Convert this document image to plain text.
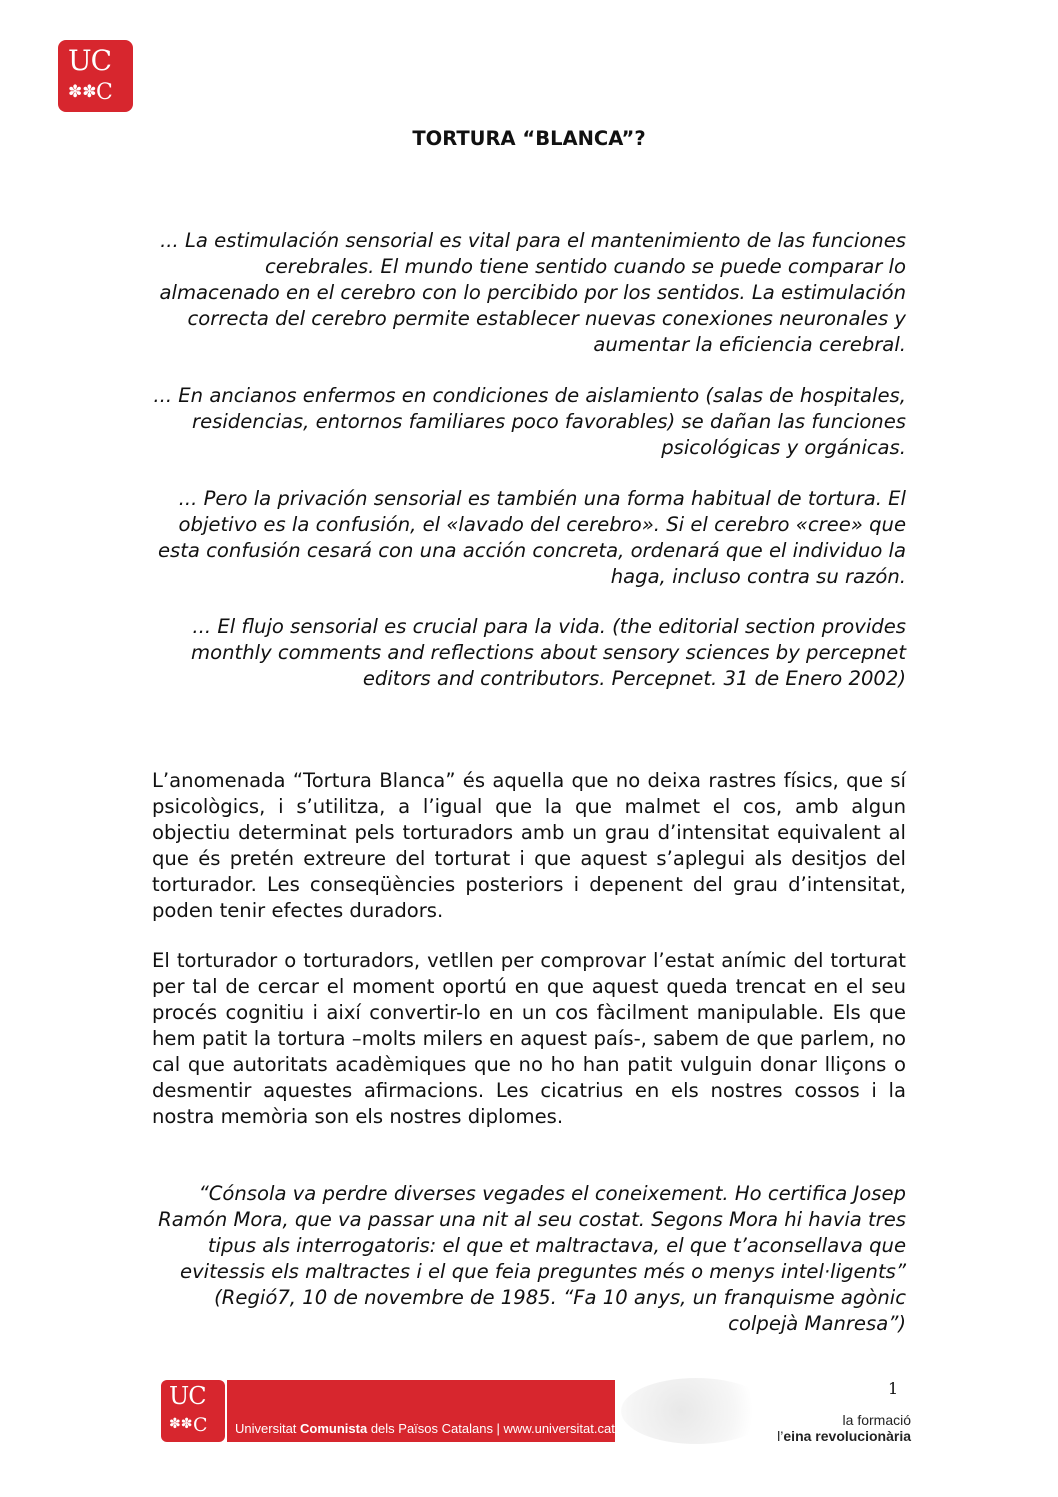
UC
✽✽ C
TORTURA “BLANCA”?

... La estimulación sensorial es vital para el mantenimiento de las funciones cerebrales. El mundo tiene sentido cuando se puede comparar lo almacenado en el cerebro con lo percibido por los sentidos. La estimulación correcta del cerebro permite establecer nuevas conexiones neuronales y aumentar la eficiencia cerebral.

... En ancianos enfermos en condiciones de aislamiento (salas de hospitales, residencias, entornos familiares poco favorables) se dañan las funciones psicológicas y orgánicas.

... Pero la privación sensorial es también una forma habitual de tortura. El objetivo es la confusión, el «lavado del cerebro». Si el cerebro «cree» que esta confusión cesará con una acción concreta, ordenará que el individuo la haga, incluso contra su razón.

... El flujo sensorial es crucial para la vida. (the editorial section provides monthly comments and reflections about sensory sciences by percepnet editors and contributors. Percepnet. 31 de Enero 2002)

L’anomenada “Tortura Blanca” és aquella que no deixa rastres físics, que sí psicològics, i s’utilitza, a l’igual que la que malmet el cos, amb algun objectiu determinat pels torturadors amb un grau d’intensitat equivalent al que és pretén extreure del torturat i que aquest s’aplegui als desitjos del torturador. Les conseqüències posteriors i depenent del grau d’intensitat, poden tenir efectes duradors.

El torturador o torturadors, vetllen per comprovar l’estat anímic del torturat per tal de cercar el moment oportú en que aquest queda trencat en el seu procés cognitiu i així convertir-lo en un cos fàcilment manipulable. Els que hem patit la tortura –molts milers en aquest país-, sabem de que parlem, no cal que autoritats acadèmiques que no ho han patit vulguin donar lliçons o desmentir aquestes afirmacions. Les cicatrius en els nostres cossos i la nostra memòria son els nostres diplomes.

“Cónsola va perdre diverses vegades el coneixement. Ho certifica Josep Ramón Mora, que va passar una nit al seu costat. Segons Mora hi havia tres tipus als interrogatoris: el que et maltractava, el que t’aconsellava que evitessis els maltractes i el que feia preguntes més o menys intel·ligents” (Regió7, 10 de novembre de 1985. “Fa 10 anys, un franquisme agònic colpejà Manresa”)

1
UC
✽✽ C Universitat Comunista dels Països Catalans | www.universitat.cat
la formació
l’eina revolucionària
